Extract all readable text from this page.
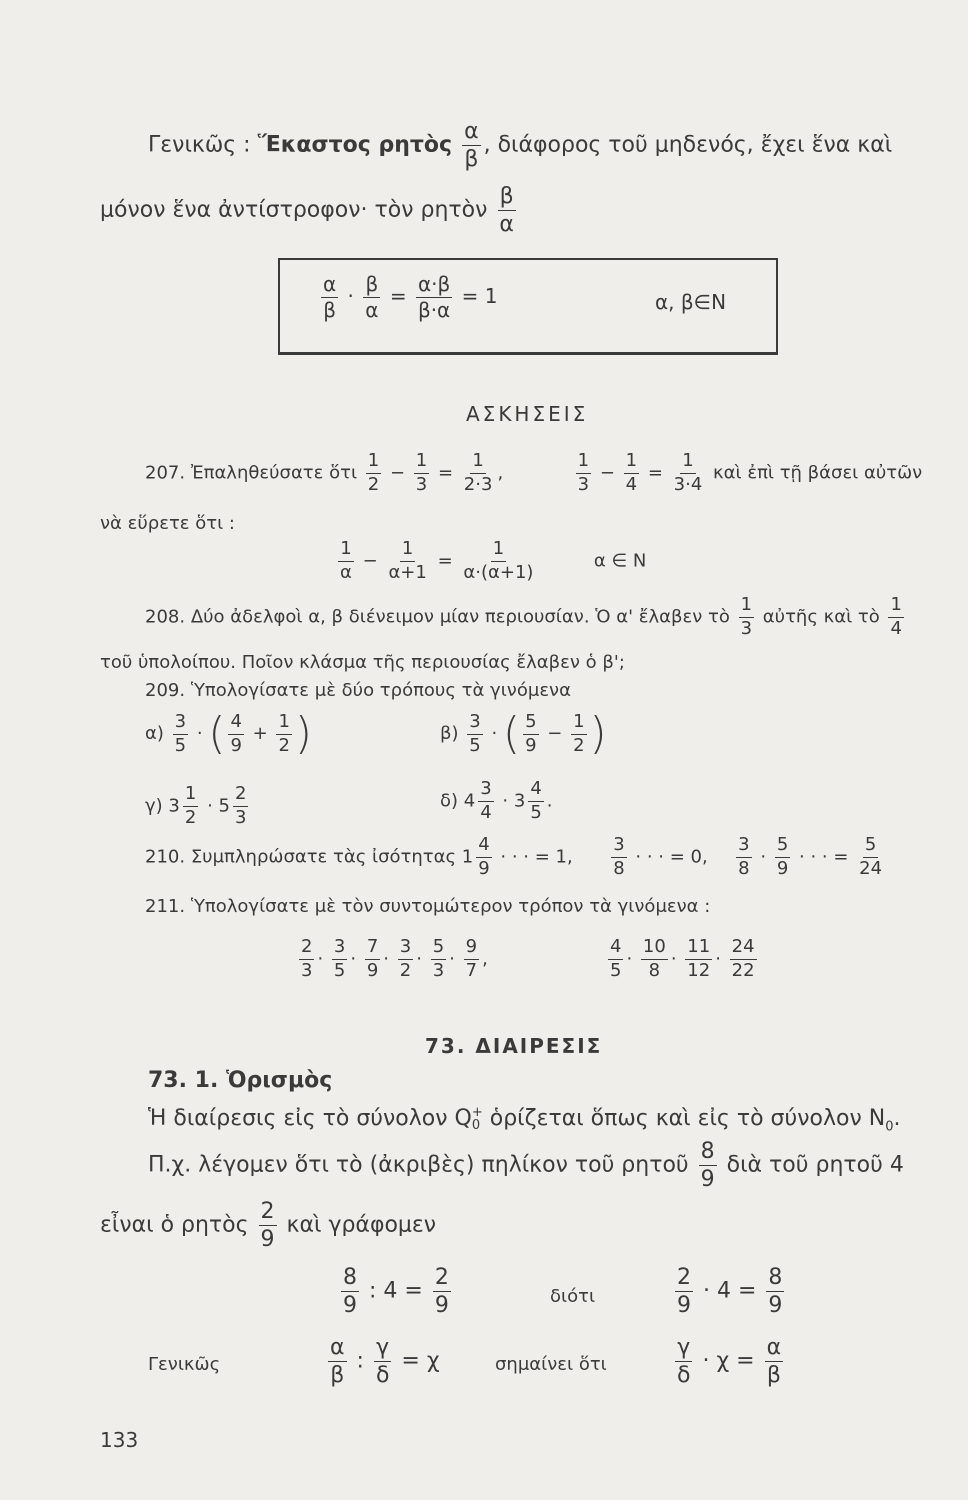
Γενικῶς : Ἕκαστος ρητὸς $\frac{\alpha}{\beta}$ , διάφορος τοῦ μηδενός, ἔχει ἕνα καὶ
μόνον ἕνα ἀντίστροφον· τὸν ρητὸν $\frac{\beta}{\alpha}$
$\frac{\alpha}{\beta} \cdot \frac{\beta}{\alpha} = \frac{\alpha\cdot\beta}{\beta\cdot\alpha} = 1$	α, β∈N
ΑΣΚΗΣΕΙΣ
207. Ἐπαληθεύσατε ὅτι $\frac{1}{2} - \frac{1}{3} = \frac{1}{2\cdot 3}$ ,	$\frac{1}{3} - \frac{1}{4} = \frac{1}{3\cdot 4}$ καὶ ἐπὶ τῇ βάσει αὐτῶν
νὰ εὕρετε ὅτι :
$\frac{1}{\alpha} - \frac{1}{\alpha+1} = \frac{1}{\alpha\cdot(\alpha+1)}$	α ∈ N
208. Δύο ἀδελφοὶ α, β διένειμον μίαν περιουσίαν. Ὁ α' ἔλαβεν τὸ $\frac{1}{3}$ αὐτῆς καὶ τὸ $\frac{1}{4}$
τοῦ ὑπολοίπου. Ποῖον κλάσμα τῆς περιουσίας ἔλαβεν ὁ β';
209. Ὑπολογίσατε μὲ δύο τρόπους τὰ γινόμενα
$\alpha) \frac{3}{5}$ · ( $\frac{4}{9} + \frac{1}{2}$ )	$\beta) \frac{3}{5}$ · ( $\frac{5}{9} - \frac{1}{2}$ )
γ) $3 \frac{1}{2} \cdot 5 \frac{2}{3}$	δ) $4 \frac{3}{4} \cdot 3 \frac{4}{5}$ .
210. Συμπληρώσατε τὰς ἰσότητας $1 \frac{4}{9}$ · · · = 1, $\frac{3}{8}$ · · · = 0, $\frac{3}{8} \cdot \frac{5}{9}$ · · · = $\frac{5}{24}$
211. Ὑπολογίσατε μὲ τὸν συντομώτερον τρόπον τὰ γινόμενα :
$\frac{2}{3} \cdot \frac{3}{5} \cdot \frac{7}{9} \cdot \frac{3}{2} \cdot \frac{5}{3} \cdot \frac{9}{7}$ ,	$\frac{4}{5} \cdot \frac{10}{8} \cdot \frac{11}{12} \cdot \frac{24}{22}$
73. ΔΙΑΙΡΕΣΙΣ
73. 1. Ὁρισμὸς
Ἡ διαίρεσις εἰς τὸ σύνολον Q +
0 ὁρίζεται ὅπως καὶ εἰς τὸ σύνολον $N_0$.
Π.χ. λέγομεν ὅτι τὸ (ἀκριβὲς) πηλίκον τοῦ ρητοῦ $\frac{8}{9}$ διὰ τοῦ ρητοῦ 4
εἶναι ὁ ρητὸς $\frac{2}{9}$ καὶ γράφομεν
$\frac{8}{9}$ : $4 = \frac{2}{9}$	διότι	$\frac{2}{9} \cdot 4 = \frac{8}{9}$
Γενικῶς	$\frac{\alpha}{\beta}$ : $\frac{\gamma}{\delta} = \chi$	σημαίνει ὅτι	$\frac{\gamma}{\delta} \cdot \chi = \frac{\alpha}{\beta}$
133
